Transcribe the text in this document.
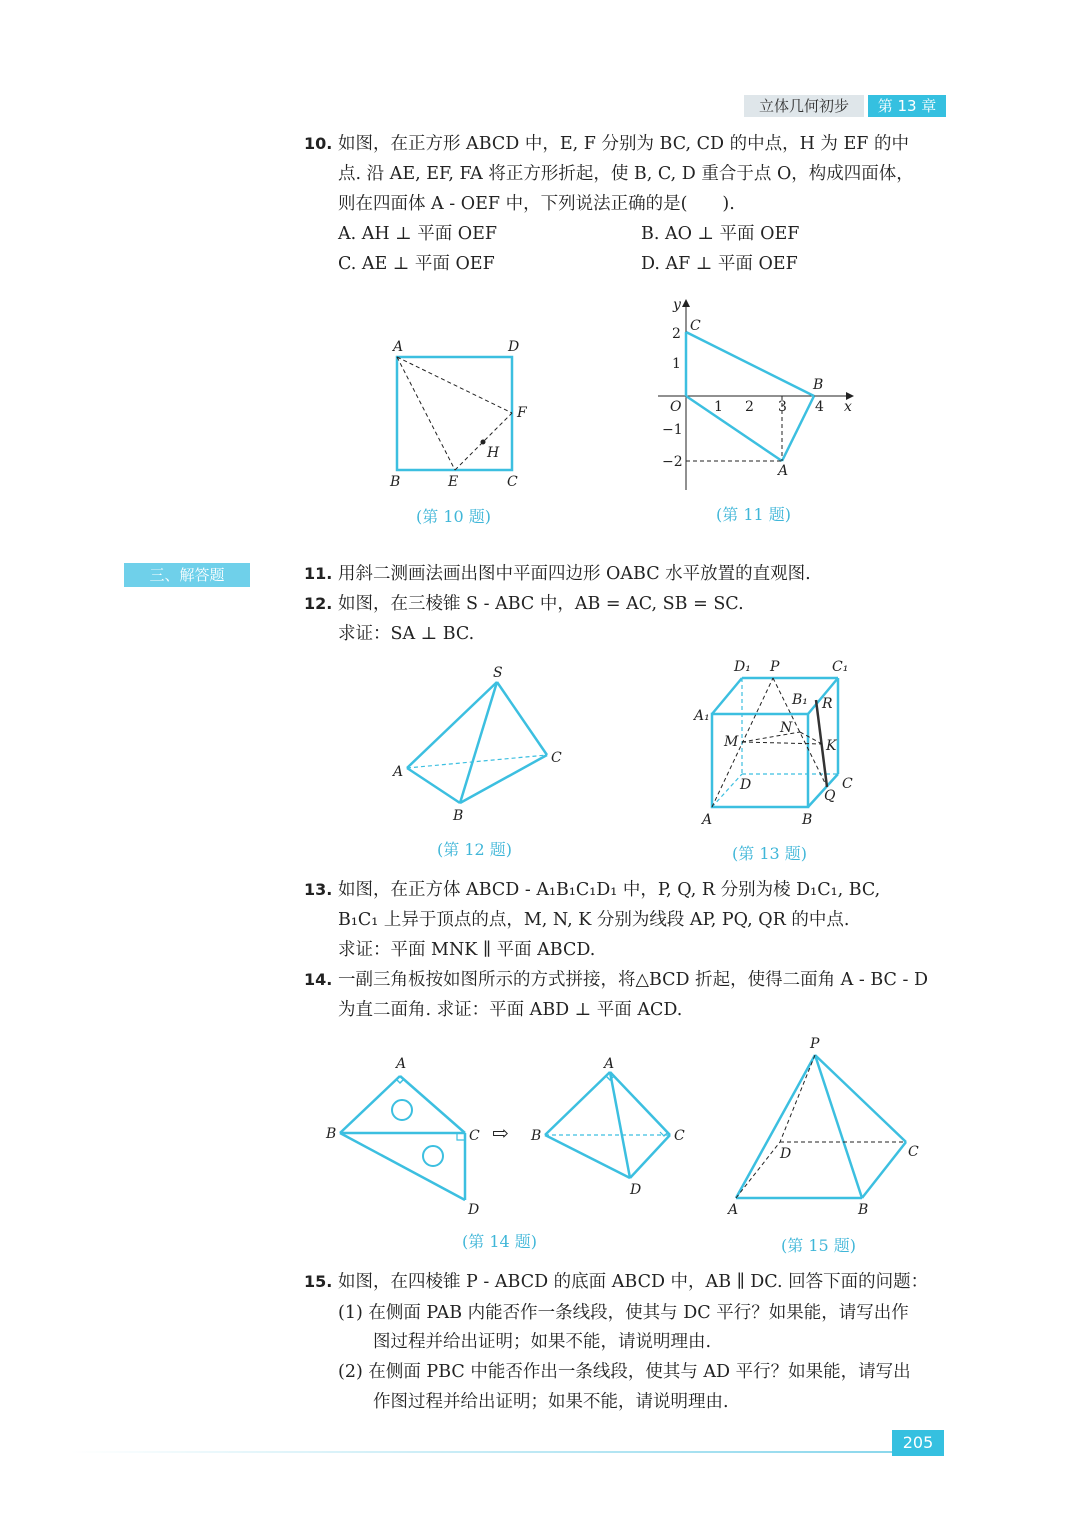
立体几何初步	第 13 章
10. 如图，在正方形 ABCD 中，E, F 分别为 BC, CD 的中点，H 为 EF 的中
点. 沿 AE, EF, FA 将正方形折起，使 B, C, D 重合于点 O，构成四面体，
则在四面体 A - OEF 中，下列说法正确的是(　　).
A. AH ⊥ 平面 OEF	B. AO ⊥ 平面 OEF
C. AE ⊥ 平面 OEF	D. AF ⊥ 平面 OEF
A	D
B	C
E
F
H
(第 10 题)
y
x
O
C
B
A
1 2 3 4
1
2
−1
−2
(第 11 题)
三、解答题	11. 用斜二测画法画出图中平面四边形 OABC 水平放置的直观图.
12. 如图，在三棱锥 S - ABC 中，AB = AC, SB = SC.
求证：SA ⊥ BC.
S
A
B
C
(第 12 题)
D₁ P	C₁
B₁ R
A₁
N
M	K
D	C
Q
A	B
(第 13 题)
13. 如图，在正方体 ABCD - A₁B₁C₁D₁ 中，P, Q, R 分别为棱 D₁C₁, BC,
B₁C₁ 上异于顶点的点，M, N, K 分别为线段 AP, PQ, QR 的中点.
求证：平面 MNK ∥ 平面 ABCD.
14. 一副三角板按如图所示的方式拼接，将△BCD 折起，使得二面角 A - BC - D
为直二面角. 求证：平面 ABD ⊥ 平面 ACD.
A
B	C
D
⇨
A
B	C
D
(第 14 题)
P
D	C
A	B
(第 15 题)
15. 如图，在四棱锥 P - ABCD 的底面 ABCD 中，AB ∥ DC. 回答下面的问题：
(1) 在侧面 PAB 内能否作一条线段，使其与 DC 平行？如果能，请写出作
图过程并给出证明；如果不能，请说明理由.
(2) 在侧面 PBC 中能否作出一条线段，使其与 AD 平行？如果能，请写出
作图过程并给出证明；如果不能，请说明理由.
205
